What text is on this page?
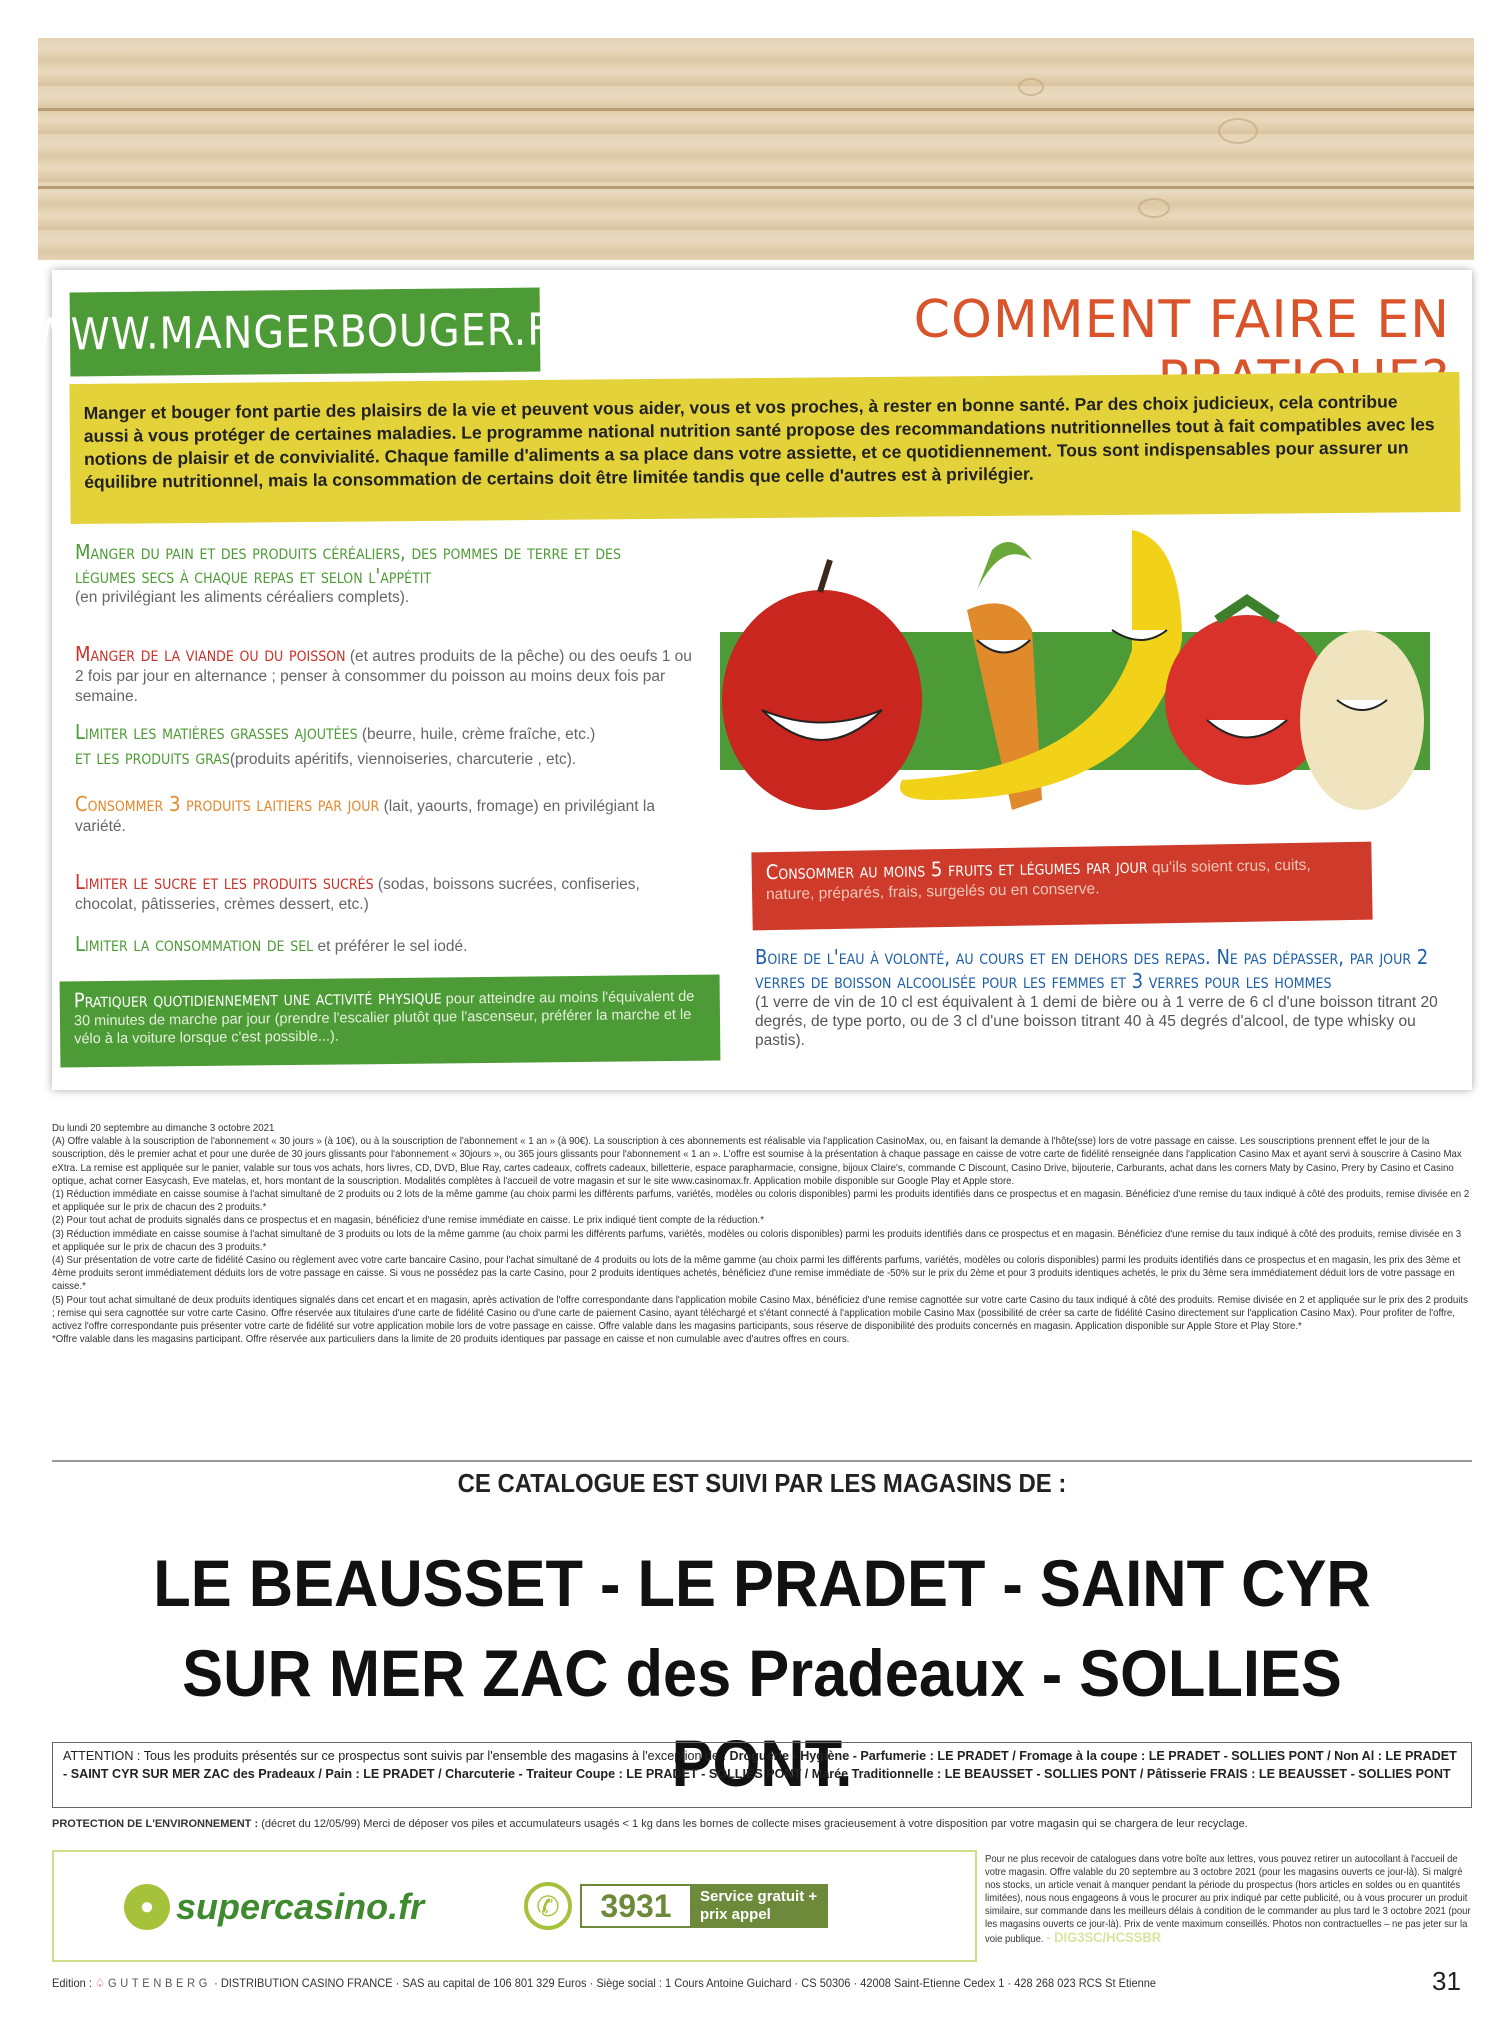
WWW.MANGERBOUGER.FR	COMMENT FAIRE EN

Manger et bouger font partie des plaisirs de la vie et peuvent vous aider, vous et vos proches, à rester en bonne santé. Par des choix judicieux, cela contribue aussi à vous protéger de certaines maladies. Le programme national nutrition santé propose des recommandations nutritionnelles tout à fait compatibles avec les notions de plaisir et de convivialité. Chaque famille d'aliments a sa place dans votre assiette, et ce quotidiennement. Tous sont indispensables pour assurer un équilibre nutritionnel, mais la consommation de certains doit être limitée tandis que celle d'autres est à privilégier.

Manger du pain et des produits céréaliers, des pommes de terre et des légumes secs à chaque repas et selon l'appétit
(en privilégiant les aliments céréaliers complets).
Manger de la viande ou du poisson (et autres produits de la pêche) ou des oeufs 1 ou 2 fois par jour en alternance ; penser à consommer du poisson au moins deux fois par semaine.
Limiter les matières grasses ajoutées (beurre, huile, crème fraîche, etc.)
et les produits gras(produits apéritifs, viennoiseries, charcuterie , etc).
Consommer 3 produits laitiers par jour (lait, yaourts, fromage) en privilégiant la variété.
Limiter le sucre et les produits sucrés (sodas, boissons sucrées, confiseries, chocolat, pâtisseries, crèmes dessert, etc.)
Limiter la consommation de sel et préférer le sel iodé.
Pratiquer quotidiennement une activité physique pour atteindre au moins l'équivalent de 30 minutes de marche par jour (prendre l'escalier plutôt que l'ascenseur, préférer la marche et le vélo à la voiture lorsque c'est possible...).
Consommer au moins 5 fruits et légumes par jour qu'ils soient crus, cuits, nature, préparés, frais, surgelés ou en conserve.
Boire de l'eau à volonté, au cours et en dehors des repas. Ne pas dépasser, par jour 2 verres de boisson alcoolisée pour les femmes et 3 verres pour les hommes
(1 verre de vin de 10 cl est équivalent à 1 demi de bière ou à 1 verre de 6 cl d'une boisson titrant 20 degrés, de type porto, ou de 3 cl d'une boisson titrant 40 à 45 degrés d'alcool, de type whisky ou pastis).
Du lundi 20 septembre au dimanche 3 octobre 2021
(A) Offre valable à la souscription de l'abonnement « 30 jours » (à 10€), ou à la souscription de l'abonnement « 1 an » (à 90€). La souscription à ces abonnements est réalisable via l'application CasinoMax, ou, en faisant la demande à l'hôte(sse) lors de votre passage en caisse. Les souscriptions prennent effet le jour de la souscription, dès le premier achat et pour une durée de 30 jours glissants pour l'abonnement « 30jours », ou 365 jours glissants pour l'abonnement « 1 an ». L'offre est soumise à la présentation à chaque passage en caisse de votre carte de fidélité renseignée dans l'application Casino Max et ayant servi à souscrire à Casino Max eXtra. La remise est appliquée sur le panier, valable sur tous vos achats, hors livres, CD, DVD, Blue Ray, cartes cadeaux, coffrets cadeaux, billetterie, espace parapharmacie, consigne, bijoux Claire's, commande C Discount, Casino Drive, bijouterie, Carburants, achat dans les corners Maty by Casino, Prery by Casino et Casino optique, achat corner Easycash, Eve matelas, et, hors montant de la souscription. Modalités complètes à l'accueil de votre magasin et sur le site www.casinomax.fr. Application mobile disponible sur Google Play et Apple store.
(1) Réduction immédiate en caisse soumise à l'achat simultané de 2 produits ou 2 lots de la même gamme (au choix parmi les différents parfums, variétés, modèles ou coloris disponibles) parmi les produits identifiés dans ce prospectus et en magasin. Bénéficiez d'une remise du taux indiqué à côté des produits, remise divisée en 2 et appliquée sur le prix de chacun des 2 produits.*
(2) Pour tout achat de produits signalés dans ce prospectus et en magasin, bénéficiez d'une remise immédiate en caisse. Le prix indiqué tient compte de la réduction.*
(3) Réduction immédiate en caisse soumise à l'achat simultané de 3 produits ou lots de la même gamme (au choix parmi les différents parfums, variétés, modèles ou coloris disponibles) parmi les produits identifiés dans ce prospectus et en magasin. Bénéficiez d'une remise du taux indiqué à côté des produits, remise divisée en 3 et appliquée sur le prix de chacun des 3 produits.*
(4) Sur présentation de votre carte de fidélité Casino ou règlement avec votre carte bancaire Casino, pour l'achat simultané de 4 produits ou lots de la même gamme (au choix parmi les différents parfums, variétés, modèles ou coloris disponibles) parmi les produits identifiés dans ce prospectus et en magasin, les prix des 3ème et 4ème produits seront immédiatement déduits lors de votre passage en caisse. Si vous ne possédez pas la carte Casino, pour 2 produits identiques achetés, bénéficiez d'une remise immédiate de -50% sur le prix du 2ème et pour 3 produits identiques achetés, le prix du 3ème sera immédiatement déduit lors de votre passage en caisse.*
(5) Pour tout achat simultané de deux produits identiques signalés dans cet encart et en magasin, après activation de l'offre correspondante dans l'application mobile Casino Max, bénéficiez d'une remise cagnottée sur votre carte Casino du taux indiqué à côté des produits. Remise divisée en 2 et appliquée sur le prix des 2 produits ; remise qui sera cagnottée sur votre carte Casino. Offre réservée aux titulaires d'une carte de fidélité Casino ou d'une carte de paiement Casino, ayant téléchargé et s'étant connecté à l'application mobile Casino Max (possibilité de créer sa carte de fidélité Casino directement sur l'application Casino Max). Pour profiter de l'offre, activez l'offre correspondante puis présenter votre carte de fidélité sur votre application mobile lors de votre passage en caisse. Offre valable dans les magasins participants, sous réserve de disponibilité des produits concernés en magasin. Application disponible sur Apple Store et Play Store.*
*Offre valable dans les magasins participant. Offre réservée aux particuliers dans la limite de 20 produits identiques par passage en caisse et non cumulable avec d'autres offres en cours.
CE CATALOGUE EST SUIVI PAR LES MAGASINS DE :
LE BEAUSSET - LE PRADET - SAINT CYR SUR MER ZAC des Pradeaux - SOLLIES PONT.
ATTENTION : Tous les produits présentés sur ce prospectus sont suivis par l'ensemble des magasins à l'exception de : Droguerie - Hygiène - Parfumerie : LE PRADET / Fromage à la coupe : LE PRADET - SOLLIES PONT / Non Al : LE PRADET - SAINT CYR SUR MER ZAC des Pradeaux / Pain : LE PRADET / Charcuterie - Traiteur Coupe : LE PRADET - SOLLIES PONT / Marée Traditionnelle : LE BEAUSSET - SOLLIES PONT / Pâtisserie FRAIS : LE BEAUSSET - SOLLIES PONT
PROTECTION DE L'ENVIRONNEMENT : (décret du 12/05/99) Merci de déposer vos piles et accumulateurs usagés < 1 kg dans les bornes de collecte mises gracieusement à votre disposition par votre magasin qui se chargera de leur recyclage.
● supercasino.fr	✆	3931	Service gratuit + prix appel
Pour ne plus recevoir de catalogues dans votre boîte aux lettres, vous pouvez retirer un autocollant à l'accueil de votre magasin. Offre valable du 20 septembre au 3 octobre 2021 (pour les magasins ouverts ce jour-là). Si malgré nos stocks, un article venait à manquer pendant la période du prospectus (hors articles en soldes ou en quantités limitées), nous nous engageons à vous le procurer au prix indiqué par cette publicité, ou à vous procurer un produit similaire, sur commande dans les meilleurs délais à condition de le commander au plus tard le 3 octobre 2021 (pour les magasins ouverts ce jour-là). Prix de vente maximum conseillés. Photos non contractuelles – ne pas jeter sur la voie publique. - DIG3SC/HCSSBR
Edition : ♤ GUTENBERG · DISTRIBUTION CASINO FRANCE · SAS au capital de 106 801 329 Euros · Siège social : 1 Cours Antoine Guichard · CS 50306 · 42008 Saint-Etienne Cedex 1 · 428 268 023 RCS St Etienne	31
